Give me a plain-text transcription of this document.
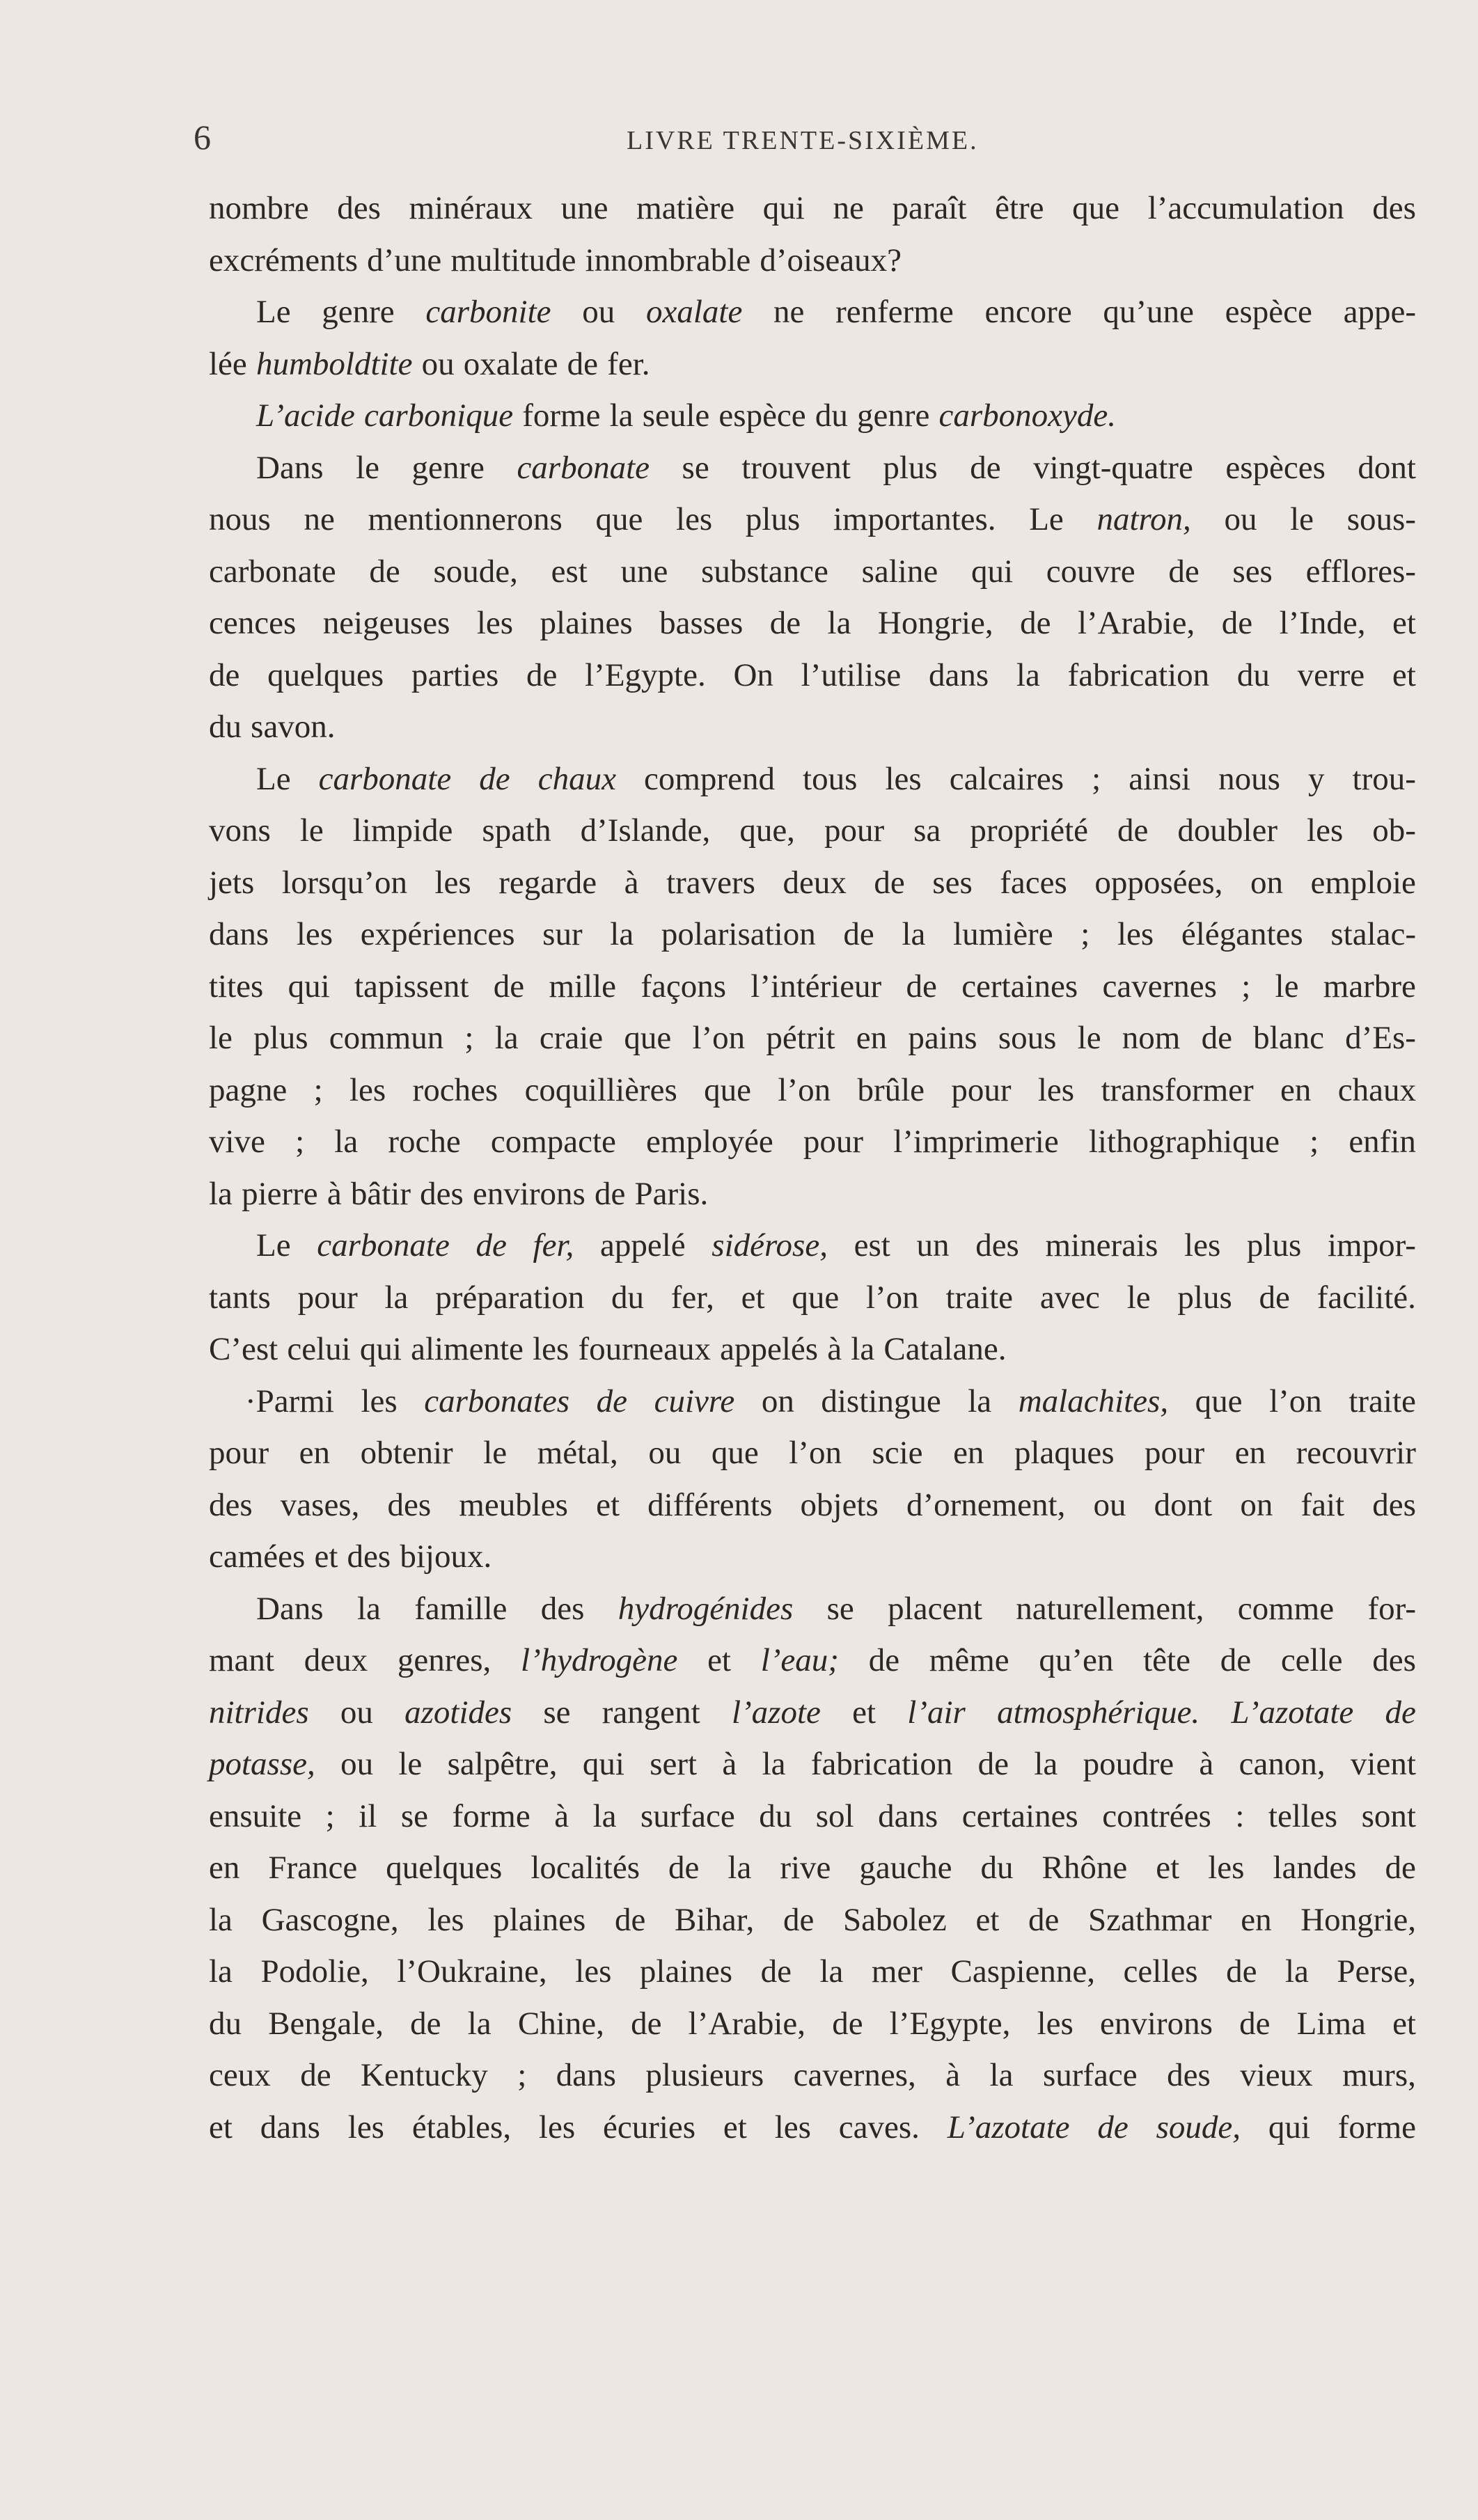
6	LIVRE TRENTE-SIXIÈME.
nombre des minéraux une matière qui ne paraît être que l’accumulation des
excréments d’une multitude innombrable d’oiseaux?
Le genre carbonite ou oxalate ne renferme encore qu’une espèce appe-
lée humboldtite ou oxalate de fer.
L’acide carbonique forme la seule espèce du genre carbonoxyde.
Dans le genre carbonate se trouvent plus de vingt-quatre espèces dont
nous ne mentionnerons que les plus importantes. Le natron, ou le sous-
carbonate de soude, est une substance saline qui couvre de ses efflores-
cences neigeuses les plaines basses de la Hongrie, de l’Arabie, de l’Inde, et
de quelques parties de l’Egypte. On l’utilise dans la fabrication du verre et
du savon.
Le carbonate de chaux comprend tous les calcaires ; ainsi nous y trou-
vons le limpide spath d’Islande, que, pour sa propriété de doubler les ob-
jets lorsqu’on les regarde à travers deux de ses faces opposées, on emploie
dans les expériences sur la polarisation de la lumière ; les élégantes stalac-
tites qui tapissent de mille façons l’intérieur de certaines cavernes ; le marbre
le plus commun ; la craie que l’on pétrit en pains sous le nom de blanc d’Es-
pagne ; les roches coquillières que l’on brûle pour les transformer en chaux
vive ; la roche compacte employée pour l’imprimerie lithographique ; enfin
la pierre à bâtir des environs de Paris.
Le carbonate de fer, appelé sidérose, est un des minerais les plus impor-
tants pour la préparation du fer, et que l’on traite avec le plus de facilité.
C’est celui qui alimente les fourneaux appelés à la Catalane.
·Parmi les carbonates de cuivre on distingue la malachites, que l’on traite
pour en obtenir le métal, ou que l’on scie en plaques pour en recouvrir
des vases, des meubles et différents objets d’ornement, ou dont on fait des
camées et des bijoux.
Dans la famille des hydrogénides se placent naturellement, comme for-
mant deux genres, l’hydrogène et l’eau; de même qu’en tête de celle des
nitrides ou azotides se rangent l’azote et l’air atmosphérique. L’azotate de
potasse, ou le salpêtre, qui sert à la fabrication de la poudre à canon, vient
ensuite ; il se forme à la surface du sol dans certaines contrées : telles sont
en France quelques localités de la rive gauche du Rhône et les landes de
la Gascogne, les plaines de Bihar, de Sabolez et de Szathmar en Hongrie,
la Podolie, l’Oukraine, les plaines de la mer Caspienne, celles de la Perse,
du Bengale, de la Chine, de l’Arabie, de l’Egypte, les environs de Lima et
ceux de Kentucky ; dans plusieurs cavernes, à la surface des vieux murs,
et dans les étables, les écuries et les caves. L’azotate de soude, qui forme
